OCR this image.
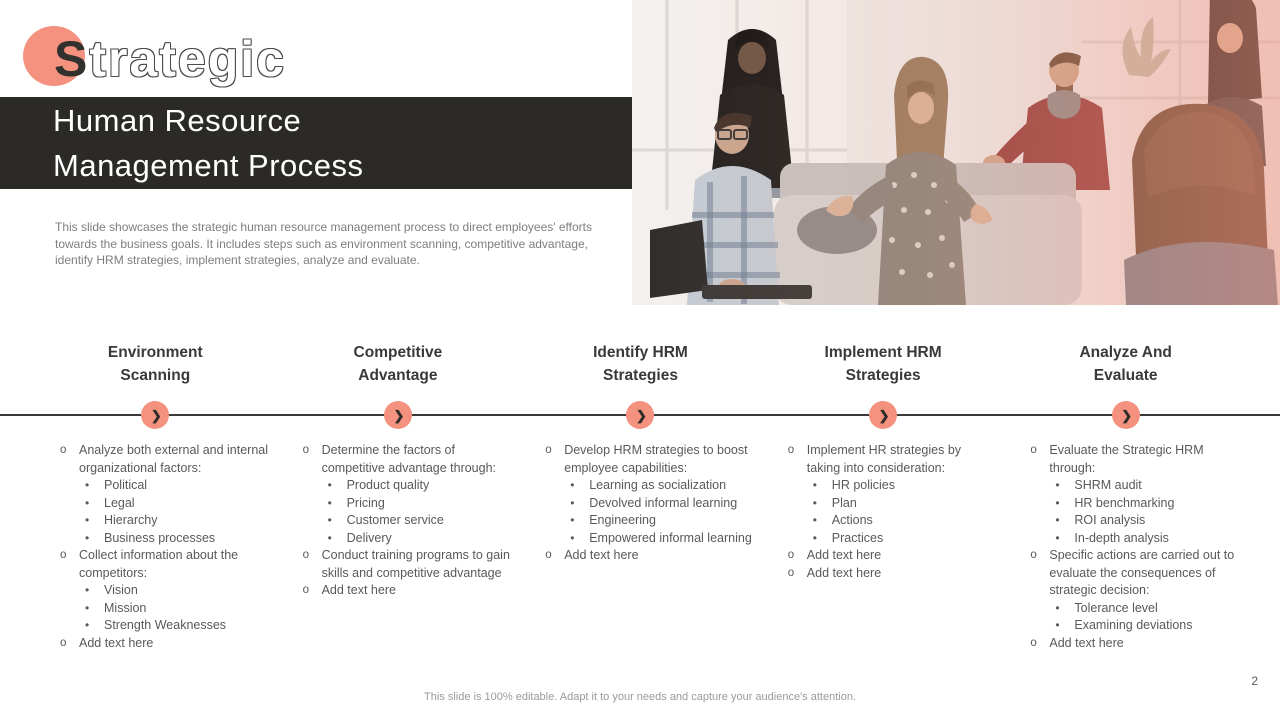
Strategic
Human Resource Management Process
This slide showcases the strategic human resource management process to direct employees' efforts towards the business goals. It includes steps such as environment scanning, competitive advantage, identify HRM strategies, implement strategies, analyze and evaluate.
Environment Scanning
❯
o	Analyze both external and internal organizational factors:
•	Political
•	Legal
•	Hierarchy
•	Business processes
o	Collect information about the competitors:
•	Vision
•	Mission
•	Strength Weaknesses
o	Add text here
Competitive Advantage
❯
o	Determine the factors of competitive advantage through:
•	Product quality
•	Pricing
•	Customer service
•	Delivery
o	Conduct training programs to gain skills and competitive advantage
o	Add text here
Identify HRM Strategies
❯
o	Develop HRM strategies to boost employee capabilities:
•	Learning as socialization
•	Devolved informal learning
•	Engineering
•	Empowered informal learning
o	Add text here
Implement HRM Strategies
❯
o	Implement HR strategies by taking into consideration:
•	HR policies
•	Plan
•	Actions
•	Practices
o	Add text here
o	Add text here
Analyze And Evaluate
❯
o	Evaluate the Strategic HRM through:
•	SHRM audit
•	HR benchmarking
•	ROI analysis
•	In-depth analysis
o	Specific actions are carried out to evaluate the consequences of strategic decision:
•	Tolerance level
•	Examining deviations
o	Add text here
This slide is 100% editable. Adapt it to your needs and capture your audience's attention.
2
